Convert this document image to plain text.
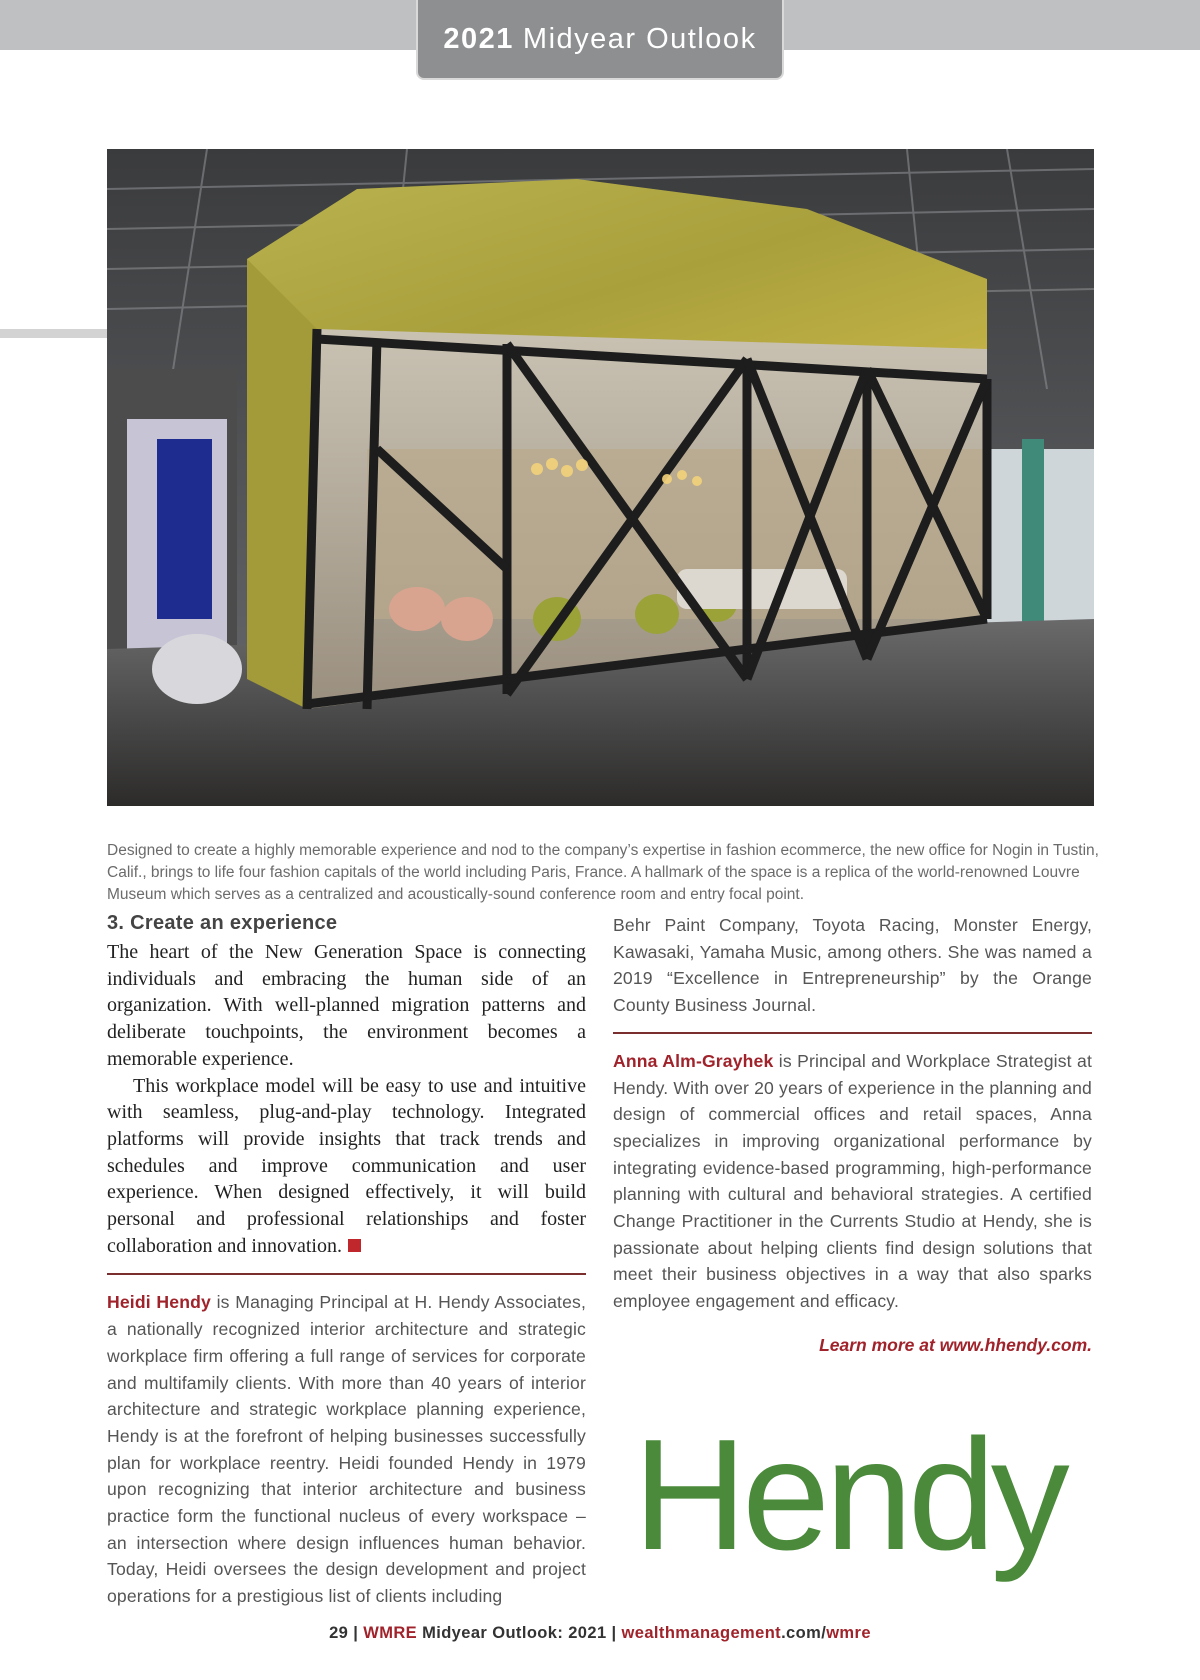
2021 Midyear Outlook

Designed to create a highly memorable experience and nod to the company’s expertise in fashion ecommerce, the new office for Nogin in Tustin, Calif., brings to life four fashion capitals of the world including Paris, France. A hallmark of the space is a replica of the world-renowned Louvre Museum which serves as a centralized and acoustically-sound conference room and entry focal point.

3. Create an experience

The heart of the New Generation Space is connecting individuals and embracing the human side of an organization. With well-planned migration patterns and deliberate touchpoints, the environment becomes a memorable experience.

This workplace model will be easy to use and intuitive with seamless, plug-and-play technology. Integrated platforms will provide insights that track trends and schedules and improve communication and user experience. When designed effectively, it will build personal and professional relationships and foster collaboration and innovation.

Heidi Hendy is Managing Principal at H. Hendy Associates, a nationally recognized interior architecture and strategic workplace firm offering a full range of services for corporate and multifamily clients. With more than 40 years of interior architecture and strategic workplace planning experience, Hendy is at the forefront of helping businesses successfully plan for workplace reentry. Heidi founded Hendy in 1979 upon recognizing that interior architecture and business practice form the functional nucleus of every workspace – an intersection where design influences human behavior. Today, Heidi oversees the design development and project operations for a prestigious list of clients including

Behr Paint Company, Toyota Racing, Monster Energy, Kawasaki, Yamaha Music, among others. She was named a 2019 “Excellence in Entrepreneurship” by the Orange County Business Journal.

Anna Alm-Grayhek is Principal and Workplace Strategist at Hendy. With over 20 years of experience in the planning and design of commercial offices and retail spaces, Anna specializes in improving organizational performance by integrating evidence-based programming, high-performance planning with cultural and behavioral strategies. A certified Change Practitioner in the Currents Studio at Hendy, she is passionate about helping clients find design solutions that meet their business objectives in a way that also sparks employee engagement and efficacy.

Learn more at www.hhendy.com.

Hendy
29 | WMRE Midyear Outlook: 2021 | wealthmanagement.com/wmre
